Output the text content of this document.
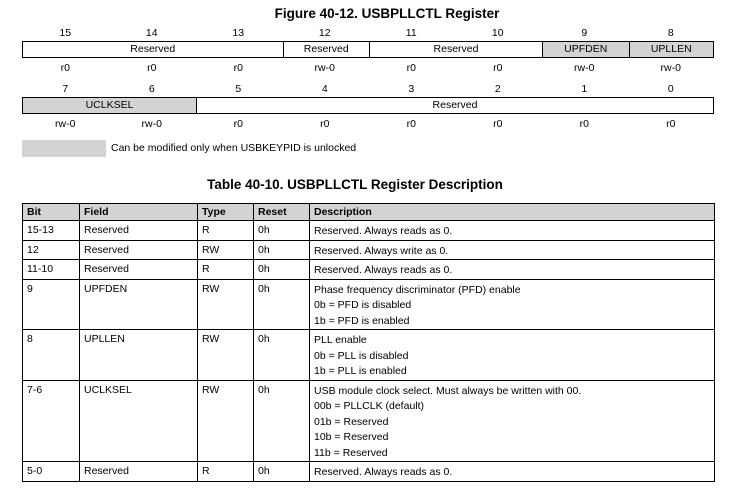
Figure 40-12. USBPLLCTL Register
15	14	13	12	11	10	9	8
Reserved	Reserved	Reserved	UPFDEN	UPLLEN
r0	r0	r0	rw-0	r0	r0	rw-0	rw-0
7	6	5	4	3	2	1	0
UCLKSEL	Reserved
rw-0	rw-0	r0	r0	r0	r0	r0	r0
Can be modified only when USBKEYPID is unlocked
Table 40-10. USBPLLCTL Register Description
Bit	Field	Type	Reset	Description
15-13	Reserved	R	0h	Reserved. Always reads as 0.

12	Reserved	RW	0h	Reserved. Always write as 0.

11-10	Reserved	R	0h	Reserved. Always reads as 0.

9	UPFDEN	RW	0h	Phase frequency discriminator (PFD) enable
0b = PFD is disabled
1b = PFD is enabled

8	UPLLEN	RW	0h	PLL enable
0b = PLL is disabled
1b = PLL is enabled

7-6	UCLKSEL	RW	0h	USB module clock select. Must always be written with 00.
00b = PLLCLK (default)
01b = Reserved
10b = Reserved
11b = Reserved

5-0	Reserved	R	0h	Reserved. Always reads as 0.
